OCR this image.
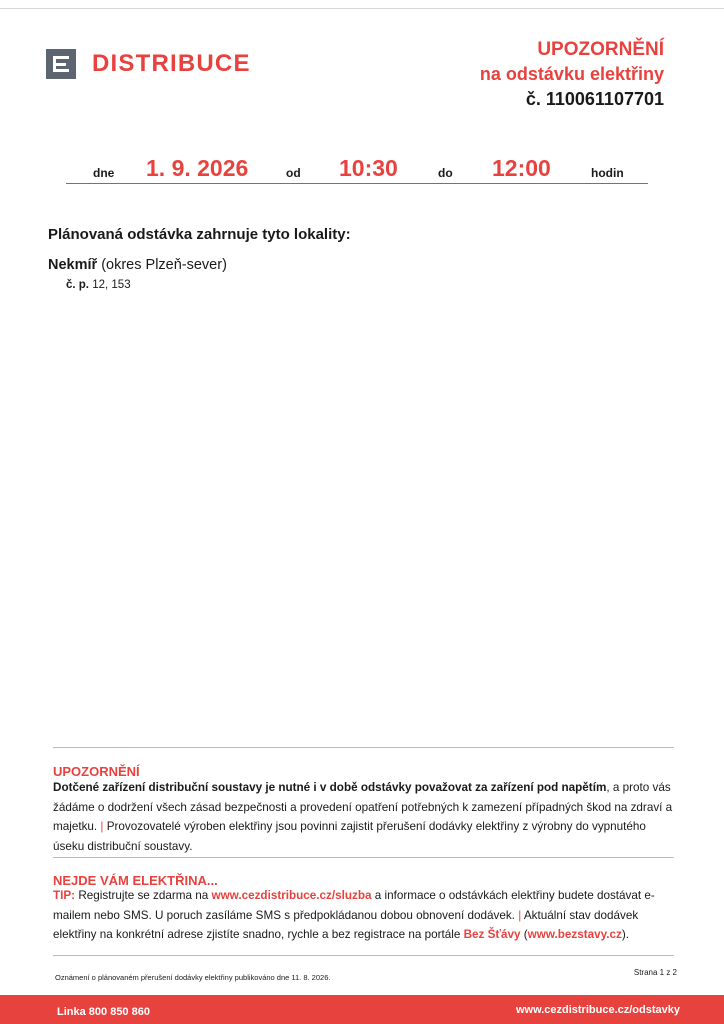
DISTRIBUCE
UPOZORNĚNÍ
na odstávku elektřiny
č. 110061107701
dne 1. 9. 2026	od 10:30	do 12:00	hodin
Plánovaná odstávka zahrnuje tyto lokality:
Nekmíř (okres Plzeň-sever)
č. p. 12, 153
UPOZORNĚNÍ
Dotčené zařízení distribuční soustavy je nutné i v době odstávky považovat za zařízení pod napětím, a proto vás žádáme o dodržení všech zásad bezpečnosti a provedení opatření potřebných k zamezení případných škod na zdraví a majetku. | Provozovatelé výroben elektřiny jsou povinni zajistit přerušení dodávky elektřiny z výrobny do vypnutého úseku distribuční soustavy.
NEJDE VÁM ELEKTŘINA...
TIP: Registrujte se zdarma na www.cezdistribuce.cz/sluzba a informace o odstávkách elektřiny budete dostávat e-mailem nebo SMS. U poruch zasíláme SMS s předpokládanou dobou obnovení dodávek. | Aktuální stav dodávek elektřiny na konkrétní adrese zjistíte snadno, rychle a bez registrace na portále Bez Šťávy (www.bezstavy.cz).
Oznámení o plánovaném přerušení dodávky elektřiny publikováno dne 11. 8. 2026.
Strana 1 z 2
Linka 800 850 860	www.cezdistribuce.cz/odstavky
